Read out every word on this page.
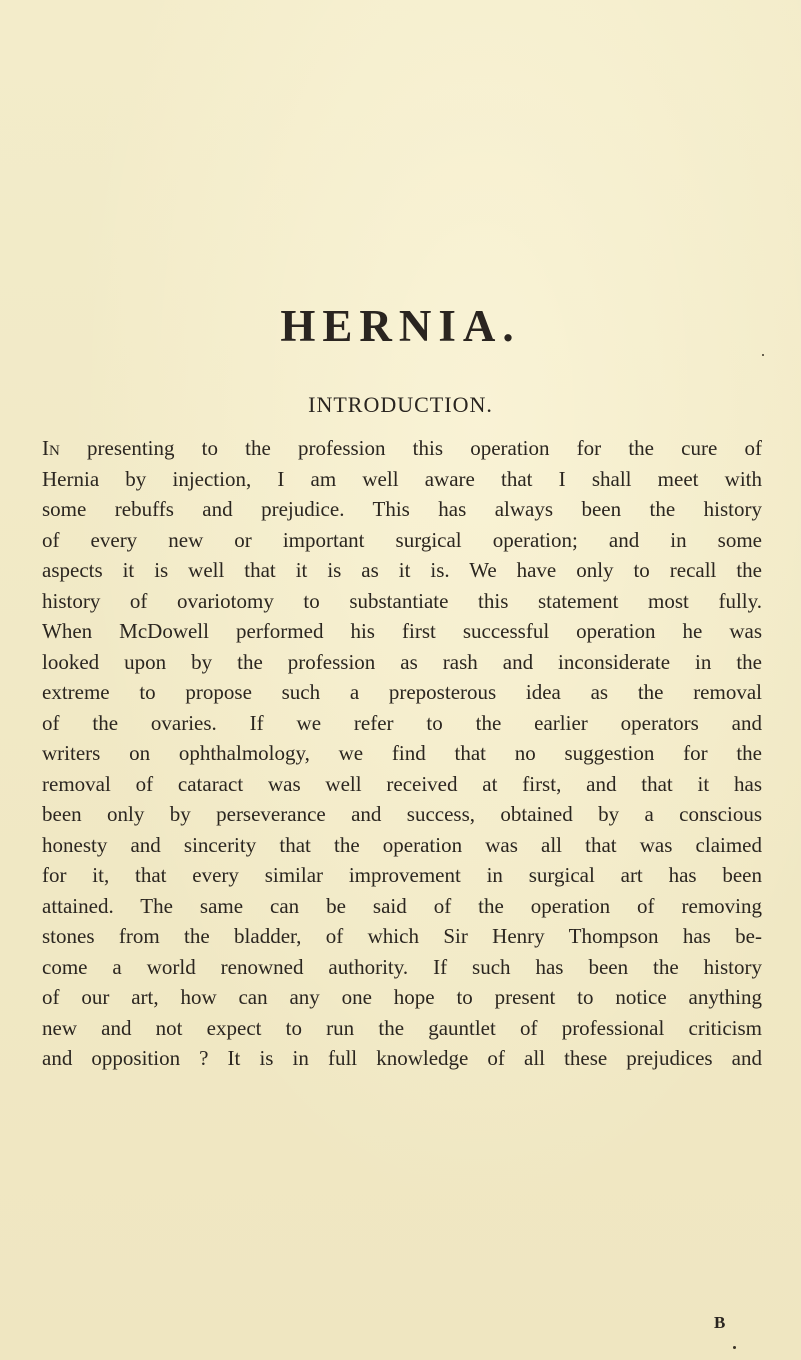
HERNIA.
INTRODUCTION.
In presenting to the profession this operation for the cure of
Hernia by injection, I am well aware that I shall meet with
some rebuffs and prejudice. This has always been the history
of every new or important surgical operation; and in some
aspects it is well that it is as it is. We have only to recall the
history of ovariotomy to substantiate this statement most fully.
When McDowell performed his first successful operation he was
looked upon by the profession as rash and inconsiderate in the
extreme to propose such a preposterous idea as the removal
of the ovaries. If we refer to the earlier operators and
writers on ophthalmology, we find that no suggestion for the
removal of cataract was well received at first, and that it has
been only by perseverance and success, obtained by a conscious
honesty and sincerity that the operation was all that was claimed
for it, that every similar improvement in surgical art has been
attained. The same can be said of the operation of removing
stones from the bladder, of which Sir Henry Thompson has be-
come a world renowned authority. If such has been the history
of our art, how can any one hope to present to notice anything
new and not expect to run the gauntlet of professional criticism
and opposition ? It is in full knowledge of all these prejudices and
B
